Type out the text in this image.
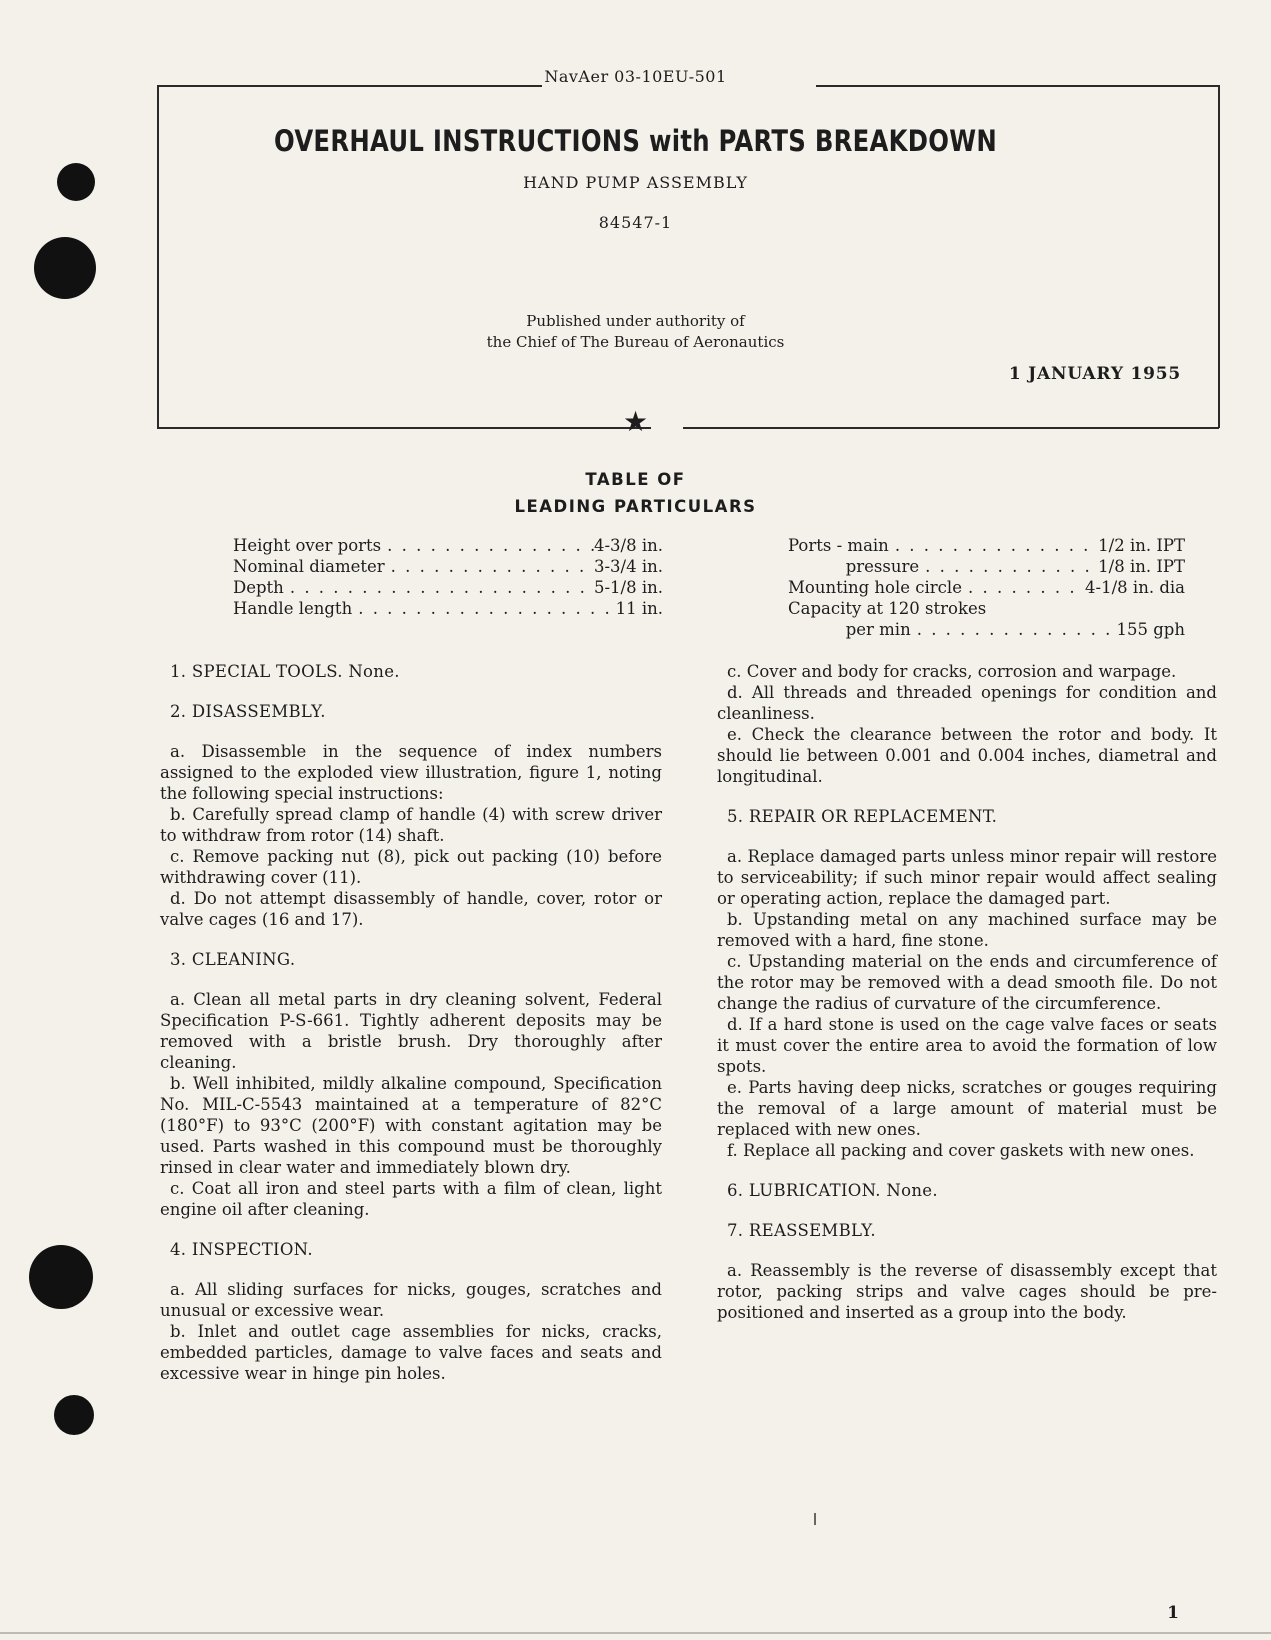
NavAer 03-10EU-501
★
OVERHAUL INSTRUCTIONS with PARTS BREAKDOWN
HAND PUMP ASSEMBLY
84547-1
Published under authority of
the Chief of The Bureau of Aeronautics
1 JANUARY 1955
TABLE OF
LEADING PARTICULARS
Height over ports . . .	4-3/8 in.
Nominal diameter . . .	3-3/4 in.
Depth . . .	5-1/8 in.
Handle length . . .	11 in.
Ports - main . . .	1/2 in. IPT
pressure . . .	1/8 in. IPT
Mounting hole circle . . .	4-1/8 in. dia
Capacity at 120 strokes
per min . . .	155 gph
1. SPECIAL TOOLS. None.
2. DISASSEMBLY.

a. Disassemble in the sequence of index numbers assigned to the exploded view illustration, figure 1, noting the following special instructions:

b. Carefully spread clamp of handle (4) with screw driver to withdraw from rotor (14) shaft.

c. Remove packing nut (8), pick out packing (10) before withdrawing cover (11).

d. Do not attempt disassembly of handle, cover, rotor or valve cages (16 and 17).

3. CLEANING.

a. Clean all metal parts in dry cleaning solvent, Federal Specification P-S-661. Tightly adherent deposits may be removed with a bristle brush. Dry thoroughly after cleaning.

b. Well inhibited, mildly alkaline compound, Specification No. MIL-C-5543 maintained at a temperature of 82°C (180°F) to 93°C (200°F) with constant agitation may be used. Parts washed in this compound must be thoroughly rinsed in clear water and immediately blown dry.

c. Coat all iron and steel parts with a film of clean, light engine oil after cleaning.

4. INSPECTION.

a. All sliding surfaces for nicks, gouges, scratches and unusual or excessive wear.

b. Inlet and outlet cage assemblies for nicks, cracks, embedded particles, damage to valve faces and seats and excessive wear in hinge pin holes.

c. Cover and body for cracks, corrosion and warpage.

d. All threads and threaded openings for condition and cleanliness.

e. Check the clearance between the rotor and body. It should lie between 0.001 and 0.004 inches, diametral and longitudinal.

5. REPAIR OR REPLACEMENT.

a. Replace damaged parts unless minor repair will restore to serviceability; if such minor repair would affect sealing or operating action, replace the damaged part.

b. Upstanding metal on any machined surface may be removed with a hard, fine stone.

c. Upstanding material on the ends and circumference of the rotor may be removed with a dead smooth file. Do not change the radius of curvature of the circumference.

d. If a hard stone is used on the cage valve faces or seats it must cover the entire area to avoid the formation of low spots.

e. Parts having deep nicks, scratches or gouges requiring the removal of a large amount of material must be replaced with new ones.

f. Replace all packing and cover gaskets with new ones.

6. LUBRICATION. None.
7. REASSEMBLY.

a. Reassembly is the reverse of disassembly except that rotor, packing strips and valve cages should be pre-positioned and inserted as a group into the body.

1
